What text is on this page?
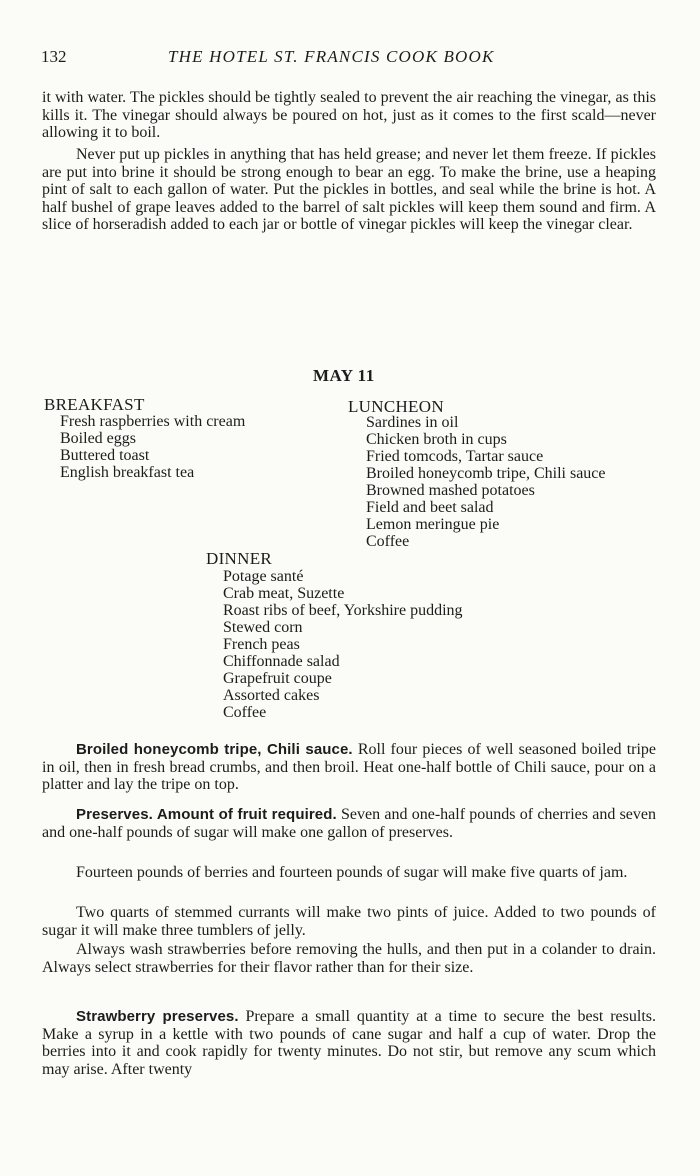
132	THE HOTEL ST. FRANCIS COOK BOOK

it with water. The pickles should be tightly sealed to prevent the air reaching the vinegar, as this kills it. The vinegar should always be poured on hot, just as it comes to the first scald—never allowing it to boil.

Never put up pickles in anything that has held grease; and never let them freeze. If pickles are put into brine it should be strong enough to bear an egg. To make the brine, use a heaping pint of salt to each gallon of water. Put the pickles in bottles, and seal while the brine is hot. A half bushel of grape leaves added to the barrel of salt pickles will keep them sound and firm. A slice of horseradish added to each jar or bottle of vinegar pickles will keep the vinegar clear.

MAY 11
BREAKFAST
Fresh raspberries with cream
Boiled eggs
Buttered toast
English breakfast tea
LUNCHEON
Sardines in oil
Chicken broth in cups
Fried tomcods, Tartar sauce
Broiled honeycomb tripe, Chili sauce
Browned mashed potatoes
Field and beet salad
Lemon meringue pie
Coffee
DINNER
Potage santé
Crab meat, Suzette
Roast ribs of beef, Yorkshire pudding
Stewed corn
French peas
Chiffonnade salad
Grapefruit coupe
Assorted cakes
Coffee

Broiled honeycomb tripe, Chili sauce. Roll four pieces of well seasoned boiled tripe in oil, then in fresh bread crumbs, and then broil. Heat one-half bottle of Chili sauce, pour on a platter and lay the tripe on top.

Preserves. Amount of fruit required. Seven and one-half pounds of cherries and seven and one-half pounds of sugar will make one gallon of preserves.

Fourteen pounds of berries and fourteen pounds of sugar will make five quarts of jam.

Two quarts of stemmed currants will make two pints of juice. Added to two pounds of sugar it will make three tumblers of jelly.

Always wash strawberries before removing the hulls, and then put in a colander to drain. Always select strawberries for their flavor rather than for their size.

Strawberry preserves. Prepare a small quantity at a time to secure the best results. Make a syrup in a kettle with two pounds of cane sugar and half a cup of water. Drop the berries into it and cook rapidly for twenty minutes. Do not stir, but remove any scum which may arise. After twenty
